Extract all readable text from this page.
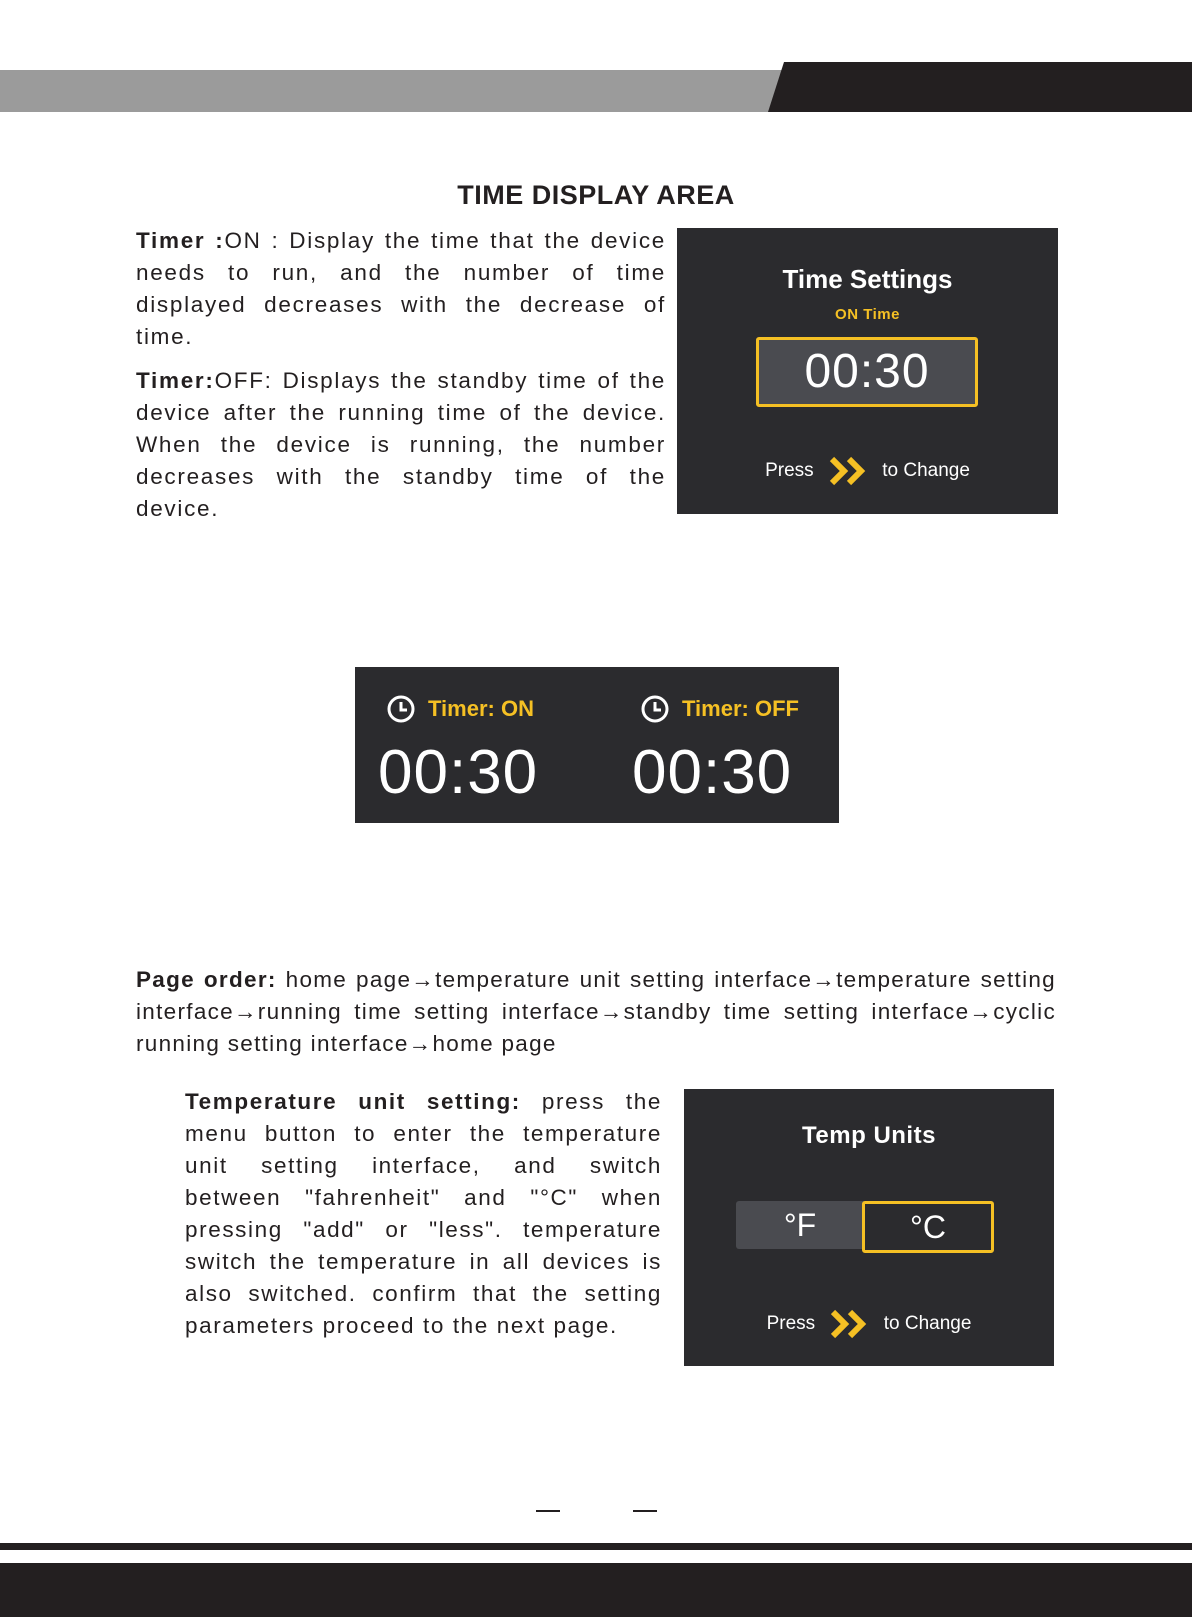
TIME DISPLAY AREA
Timer :ON : Display the time that the device needs to run, and the number of time displayed decreases with the decrease of time.
Timer:OFF: Displays the standby time of the device after the running time of the device. When the device is running, the number decreases with the standby time of the device.
Time Settings
ON Time
00:30
Press	to Change
Timer: ON
00:30
Timer: OFF
00:30
Page order: home page→temperature unit setting interface→temperature setting interface→running time setting interface→standby time setting interface→cyclic running setting interface→home page
Temperature unit setting: press the menu button to enter the temperature unit setting interface, and switch between "fahrenheit" and "°C" when pressing "add" or "less". temperature switch the temperature in all devices is also switched. confirm that the setting parameters proceed to the next page.
Temp Units
°F	°C
Press	to Change
